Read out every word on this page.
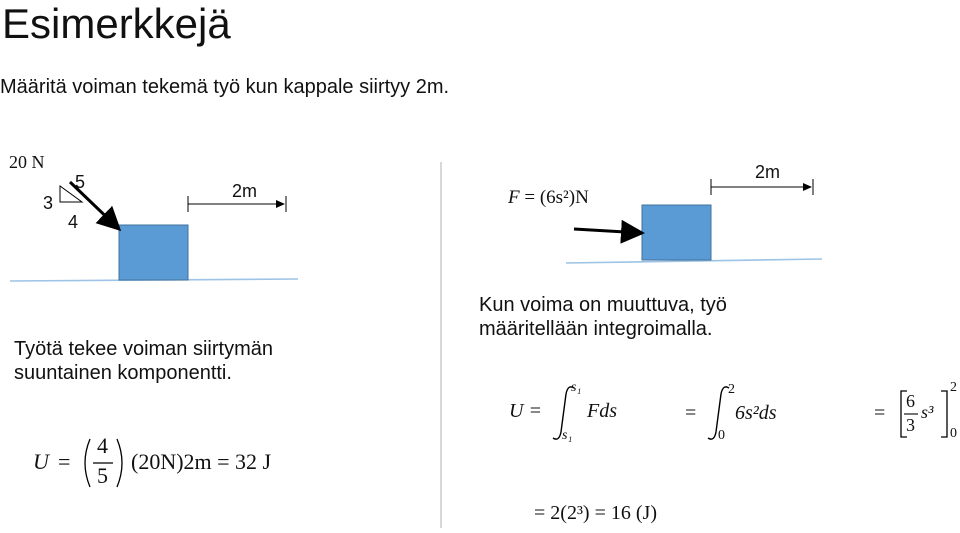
Esimerkkejä
Määritä voiman tekemä työ kun kappale siirtyy 2m.
20 N
5
3
4
2m
Työtä tekee voiman siirtymän
suuntainen komponentti.
U =
4
5
(20N)2m = 32 J
F = (6s²)N
2m
Kun voima on muuttuva, työ
määritellään integroimalla.
U =
s₁
s₁
Fds	=
2
0
6s²ds	=
6
3
s³
2
0
= 2(2³) = 16 (J)
